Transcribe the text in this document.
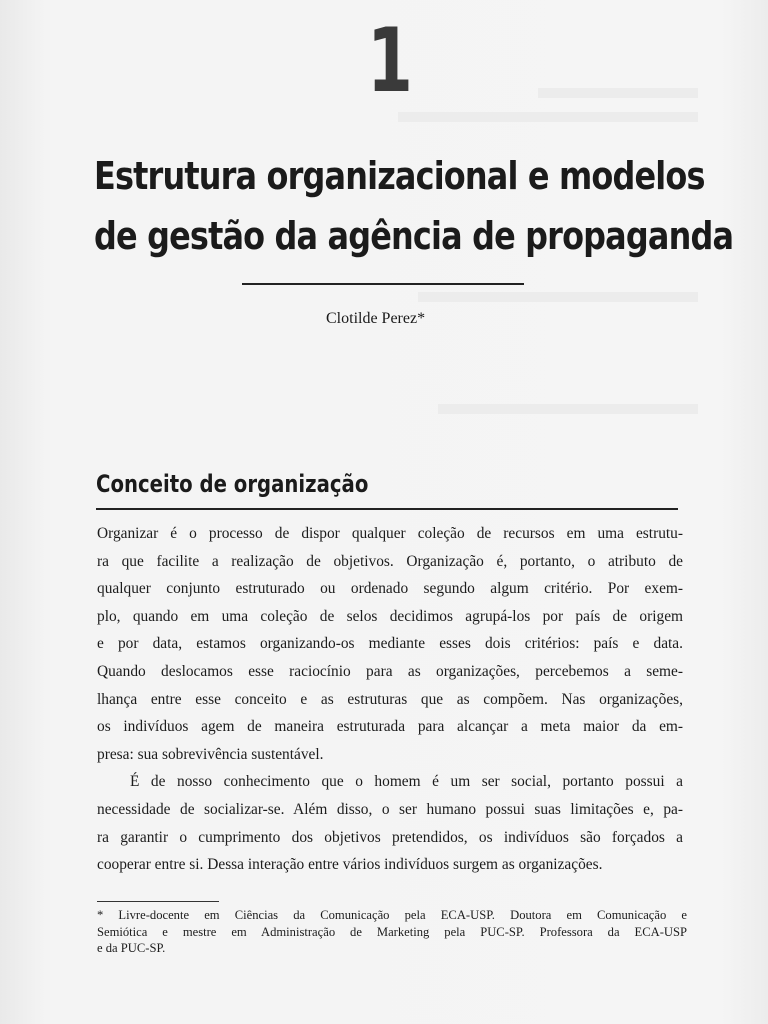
1
Estrutura organizacional e modelos
de gestão da agência de propaganda
Clotilde Perez*
Conceito de organização

Organizar é o processo de dispor qualquer coleção de recursos em uma estrutu-
ra que facilite a realização de objetivos. Organização é, portanto, o atributo de
qualquer conjunto estruturado ou ordenado segundo algum critério. Por exem-
plo, quando em uma coleção de selos decidimos agrupá-los por país de origem
e por data, estamos organizando-os mediante esses dois critérios: país e data.
Quando deslocamos esse raciocínio para as organizações, percebemos a seme-
lhança entre esse conceito e as estruturas que as compõem. Nas organizações,
os indivíduos agem de maneira estruturada para alcançar a meta maior da em-
presa: sua sobrevivência sustentável.

É de nosso conhecimento que o homem é um ser social, portanto possui a
necessidade de socializar-se. Além disso, o ser humano possui suas limitações e, pa-
ra garantir o cumprimento dos objetivos pretendidos, os indivíduos são forçados a
cooperar entre si. Dessa interação entre vários indivíduos surgem as organizações.

* Livre-docente em Ciências da Comunicação pela ECA-USP. Doutora em Comunicação e
Semiótica e mestre em Administração de Marketing pela PUC-SP. Professora da ECA-USP
e da PUC-SP.
